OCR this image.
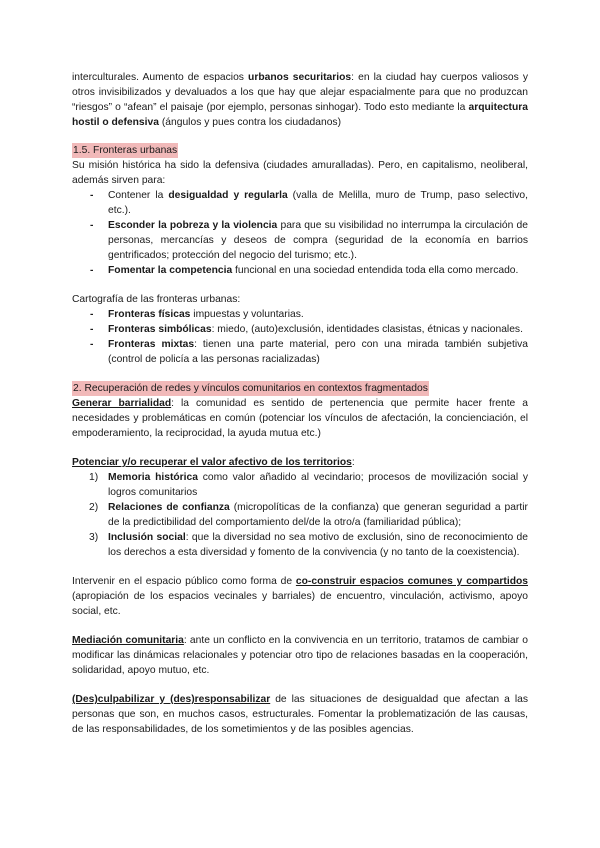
interculturales. Aumento de espacios urbanos securitarios: en la ciudad hay cuerpos valiosos y otros invisibilizados y devaluados a los que hay que alejar espacialmente para que no produzcan “riesgos” o “afean” el paisaje (por ejemplo, personas sinhogar). Todo esto mediante la arquitectura hostil o defensiva (ángulos y pues contra los ciudadanos)

1.5. Fronteras urbanas

Su misión histórica ha sido la defensiva (ciudades amuralladas). Pero, en capitalismo, neoliberal, además sirven para:

- Contener la desigualdad y regularla (valla de Melilla, muro de Trump, paso selectivo, etc.).
- Esconder la pobreza y la violencia para que su visibilidad no interrumpa la circulación de personas, mercancías y deseos de compra (seguridad de la economía en barrios gentrificados; protección del negocio del turismo; etc.).
- Fomentar la competencia funcional en una sociedad entendida toda ella como mercado.

Cartografía de las fronteras urbanas:

- Fronteras físicas impuestas y voluntarias.
- Fronteras simbólicas: miedo, (auto)exclusión, identidades clasistas, étnicas y nacionales.
- Fronteras mixtas: tienen una parte material, pero con una mirada también subjetiva (control de policía a las personas racializadas)

2. Recuperación de redes y vínculos comunitarios en contextos fragmentados

Generar barrialidad: la comunidad es sentido de pertenencia que permite hacer frente a necesidades y problemáticas en común (potenciar los vínculos de afectación, la concienciación, el empoderamiento, la reciprocidad, la ayuda mutua etc.)

Potenciar y/o recuperar el valor afectivo de los territorios:

1) Memoria histórica como valor añadido al vecindario; procesos de movilización social y logros comunitarios
2) Relaciones de confianza (micropolíticas de la confianza) que generan seguridad a partir de la predictibilidad del comportamiento del/de la otro/a (familiaridad pública);
3) Inclusión social: que la diversidad no sea motivo de exclusión, sino de reconocimiento de los derechos a esta diversidad y fomento de la convivencia (y no tanto de la coexistencia).

Intervenir en el espacio público como forma de co-construir espacios comunes y compartidos (apropiación de los espacios vecinales y barriales) de encuentro, vinculación, activismo, apoyo social, etc.

Mediación comunitaria: ante un conflicto en la convivencia en un territorio, tratamos de cambiar o modificar las dinámicas relacionales y potenciar otro tipo de relaciones basadas en la cooperación, solidaridad, apoyo mutuo, etc.

(Des)culpabilizar y (des)responsabilizar de las situaciones de desigualdad que afectan a las personas que son, en muchos casos, estructurales. Fomentar la problematización de las causas, de las responsabilidades, de los sometimientos y de las posibles agencias.
